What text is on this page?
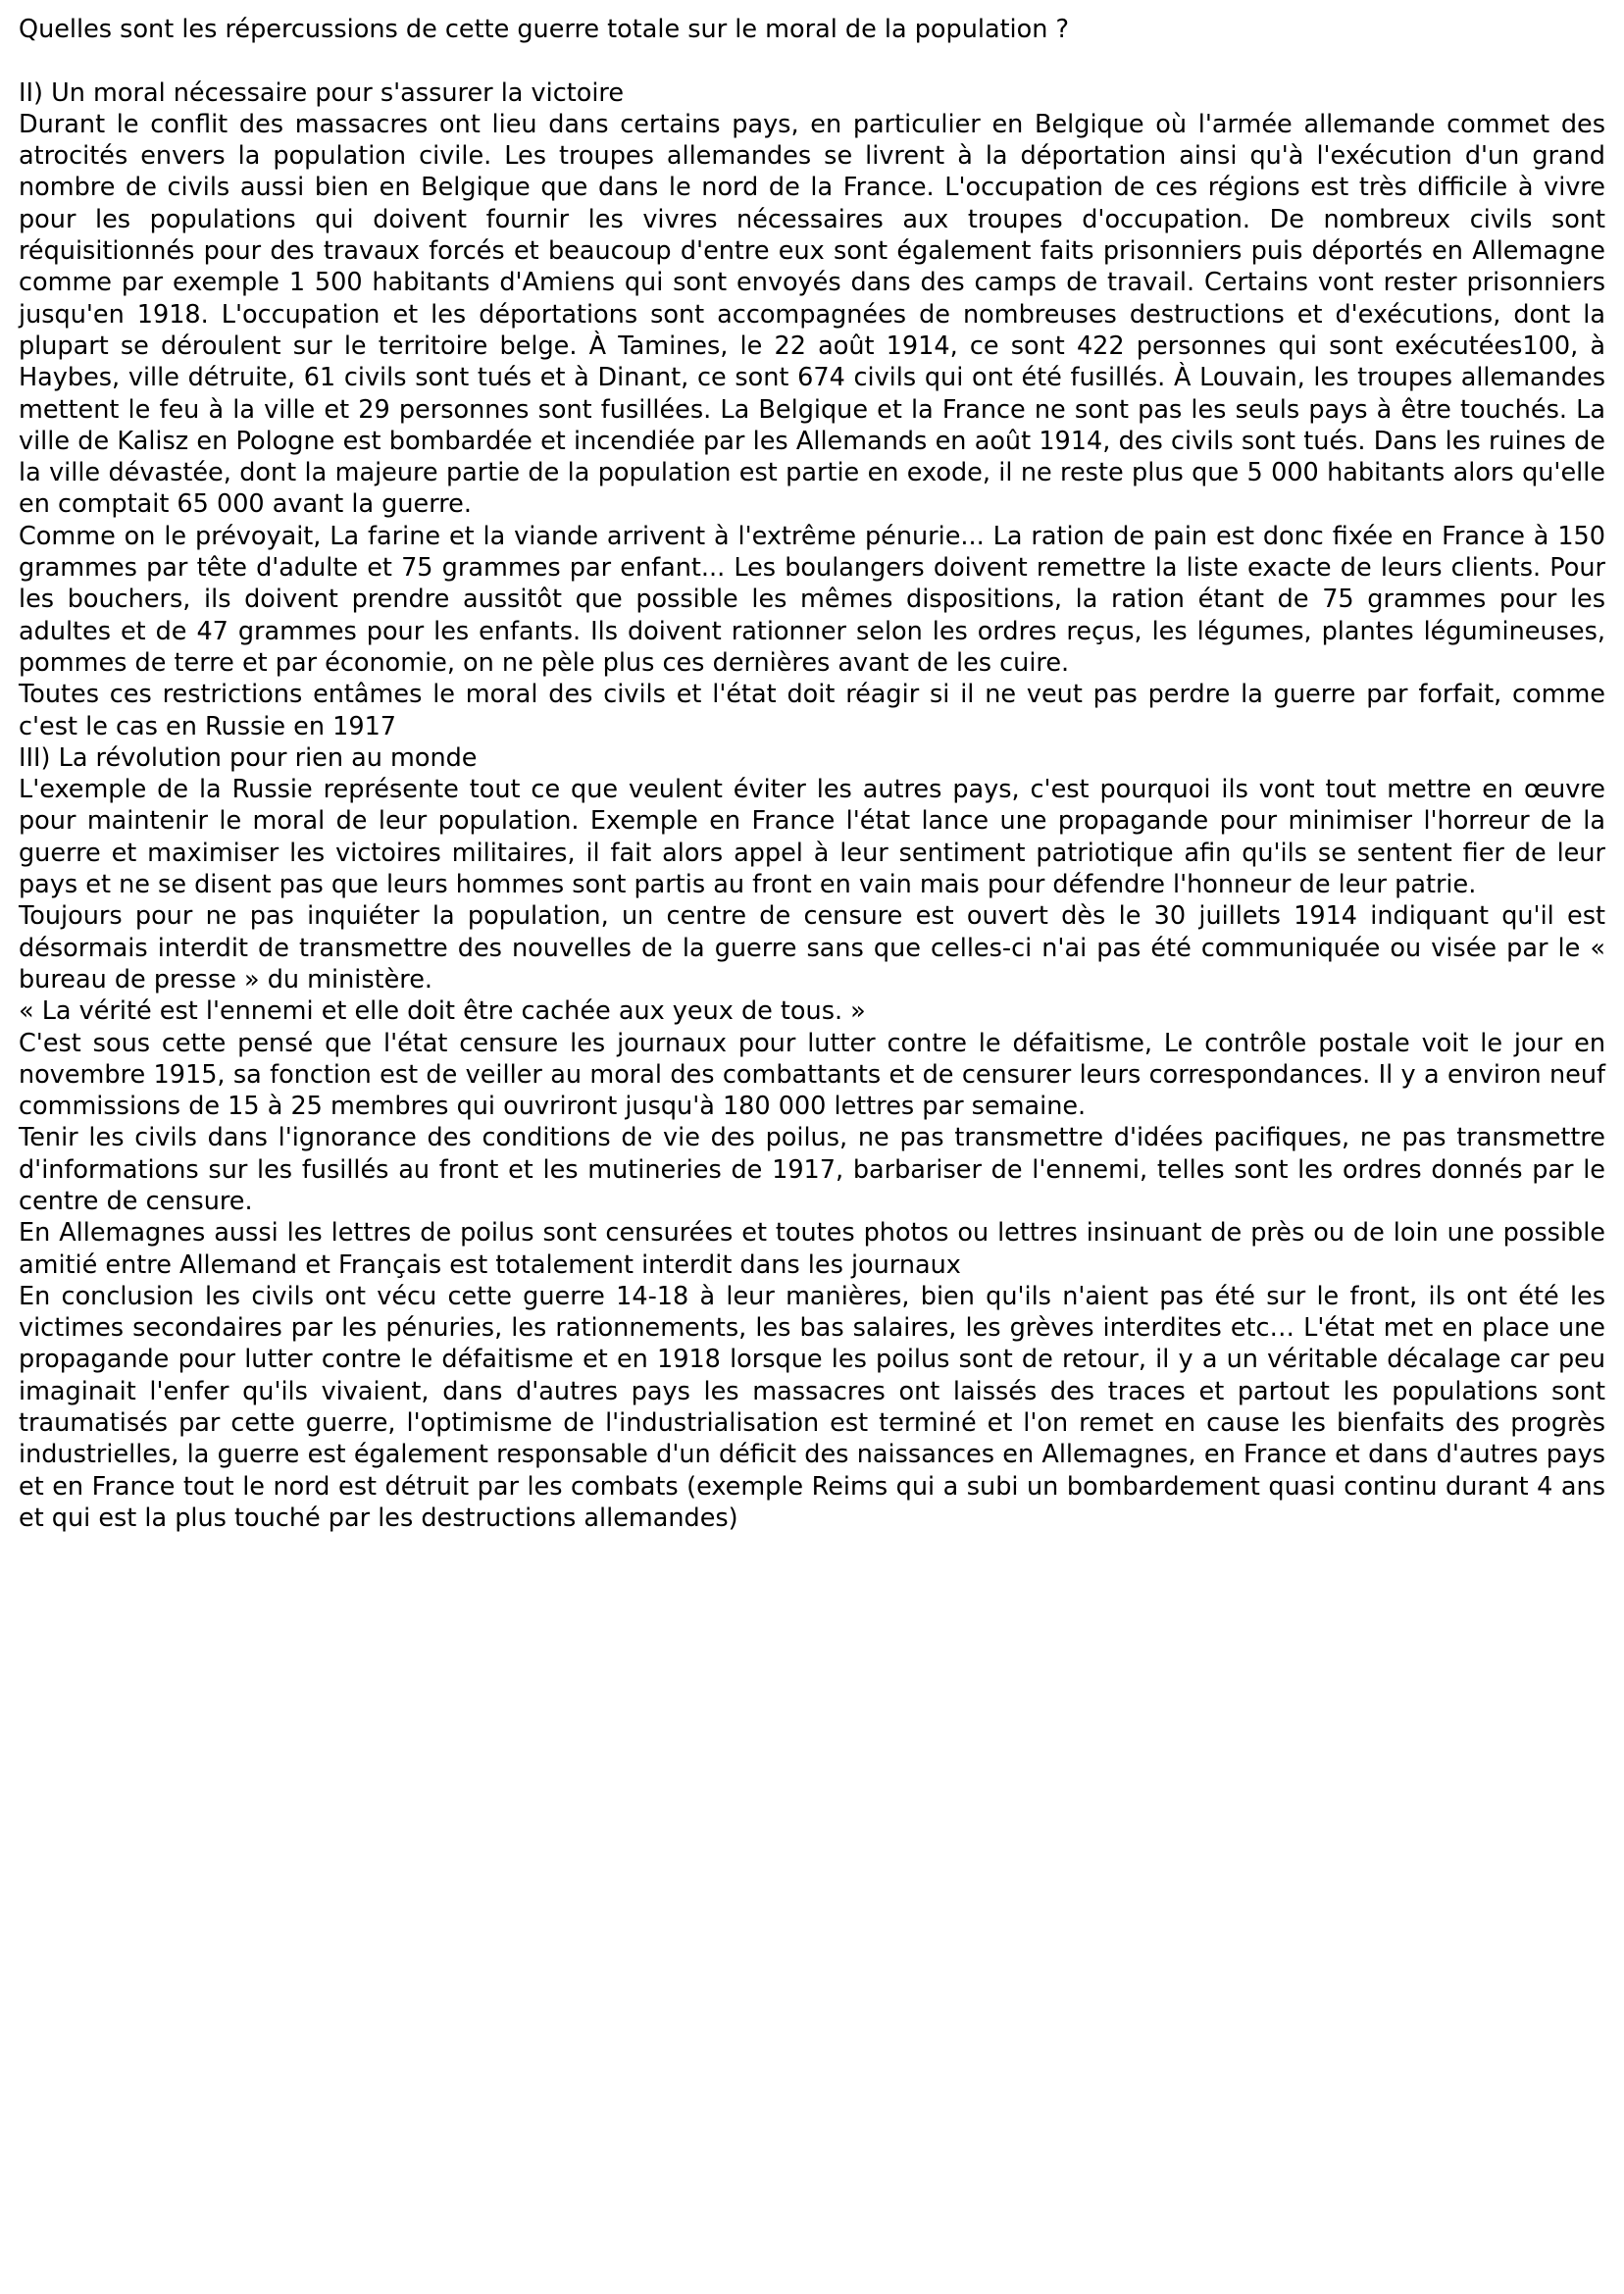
Quelles sont les répercussions de cette guerre totale sur le moral de la population ?

II) Un moral nécessaire pour s'assurer la victoire

Durant le conflit des massacres ont lieu dans certains pays, en particulier en Belgique où l'armée allemande commet des atrocités envers la population civile. Les troupes allemandes se livrent à la déportation ainsi qu'à l'exécution d'un grand nombre de civils aussi bien en Belgique que dans le nord de la France. L'occupation de ces régions est très difficile à vivre pour les populations qui doivent fournir les vivres nécessaires aux troupes d'occupation. De nombreux civils sont réquisitionnés pour des travaux forcés et beaucoup d'entre eux sont également faits prisonniers puis déportés en Allemagne comme par exemple 1 500 habitants d'Amiens qui sont envoyés dans des camps de travail. Certains vont rester prisonniers jusqu'en 1918. L'occupation et les déportations sont accompagnées de nombreuses destructions et d'exécutions, dont la plupart se déroulent sur le territoire belge. À Tamines, le 22 août 1914, ce sont 422 personnes qui sont exécutées100, à Haybes, ville détruite, 61 civils sont tués et à Dinant, ce sont 674 civils qui ont été fusillés. À Louvain, les troupes allemandes mettent le feu à la ville et 29 personnes sont fusillées. La Belgique et la France ne sont pas les seuls pays à être touchés. La ville de Kalisz en Pologne est bombardée et incendiée par les Allemands en août 1914, des civils sont tués. Dans les ruines de la ville dévastée, dont la majeure partie de la population est partie en exode, il ne reste plus que 5 000 habitants alors qu'elle en comptait 65 000 avant la guerre.

Comme on le prévoyait, La farine et la viande arrivent à l'extrême pénurie... La ration de pain est donc fixée en France à 150 grammes par tête d'adulte et 75 grammes par enfant... Les boulangers doivent remettre la liste exacte de leurs clients. Pour les bouchers, ils doivent prendre aussitôt que possible les mêmes dispositions, la ration étant de 75 grammes pour les adultes et de 47 grammes pour les enfants. Ils doivent rationner selon les ordres reçus, les légumes, plantes légumineuses, pommes de terre et par économie, on ne pèle plus ces dernières avant de les cuire.

Toutes ces restrictions entâmes le moral des civils et l'état doit réagir si il ne veut pas perdre la guerre par forfait, comme c'est le cas en Russie en 1917

III) La révolution pour rien au monde

L'exemple de la Russie représente tout ce que veulent éviter les autres pays, c'est pourquoi ils vont tout mettre en œuvre pour maintenir le moral de leur population. Exemple en France l'état lance une propagande pour minimiser l'horreur de la guerre et maximiser les victoires militaires, il fait alors appel à leur sentiment patriotique afin qu'ils se sentent fier de leur pays et ne se disent pas que leurs hommes sont partis au front en vain mais pour défendre l'honneur de leur patrie.

Toujours pour ne pas inquiéter la population, un centre de censure est ouvert dès le 30 juillets 1914 indiquant qu'il est désormais interdit de transmettre des nouvelles de la guerre sans que celles-ci n'ai pas été communiquée ou visée par le « bureau de presse » du ministère.

« La vérité est l'ennemi et elle doit être cachée aux yeux de tous. »

C'est sous cette pensé que l'état censure les journaux pour lutter contre le défaitisme, Le contrôle postale voit le jour en novembre 1915, sa fonction est de veiller au moral des combattants et de censurer leurs correspondances. Il y a environ neuf commissions de 15 à 25 membres qui ouvriront jusqu'à 180 000 lettres par semaine.

Tenir les civils dans l'ignorance des conditions de vie des poilus, ne pas transmettre d'idées pacifiques, ne pas transmettre d'informations sur les fusillés au front et les mutineries de 1917, barbariser de l'ennemi, telles sont les ordres donnés par le centre de censure.

En Allemagnes aussi les lettres de poilus sont censurées et toutes photos ou lettres insinuant de près ou de loin une possible amitié entre Allemand et Français est totalement interdit dans les journaux

En conclusion les civils ont vécu cette guerre 14-18 à leur manières, bien qu'ils n'aient pas été sur le front, ils ont été les victimes secondaires par les pénuries, les rationnements, les bas salaires, les grèves interdites etc… L'état met en place une propagande pour lutter contre le défaitisme et en 1918 lorsque les poilus sont de retour, il y a un véritable décalage car peu imaginait l'enfer qu'ils vivaient, dans d'autres pays les massacres ont laissés des traces et partout les populations sont traumatisés par cette guerre, l'optimisme de l'industrialisation est terminé et l'on remet en cause les bienfaits des progrès industrielles, la guerre est également responsable d'un déficit des naissances en Allemagnes, en France et dans d'autres pays et en France tout le nord est détruit par les combats (exemple Reims qui a subi un bombardement quasi continu durant 4 ans et qui est la plus touché par les destructions allemandes)
